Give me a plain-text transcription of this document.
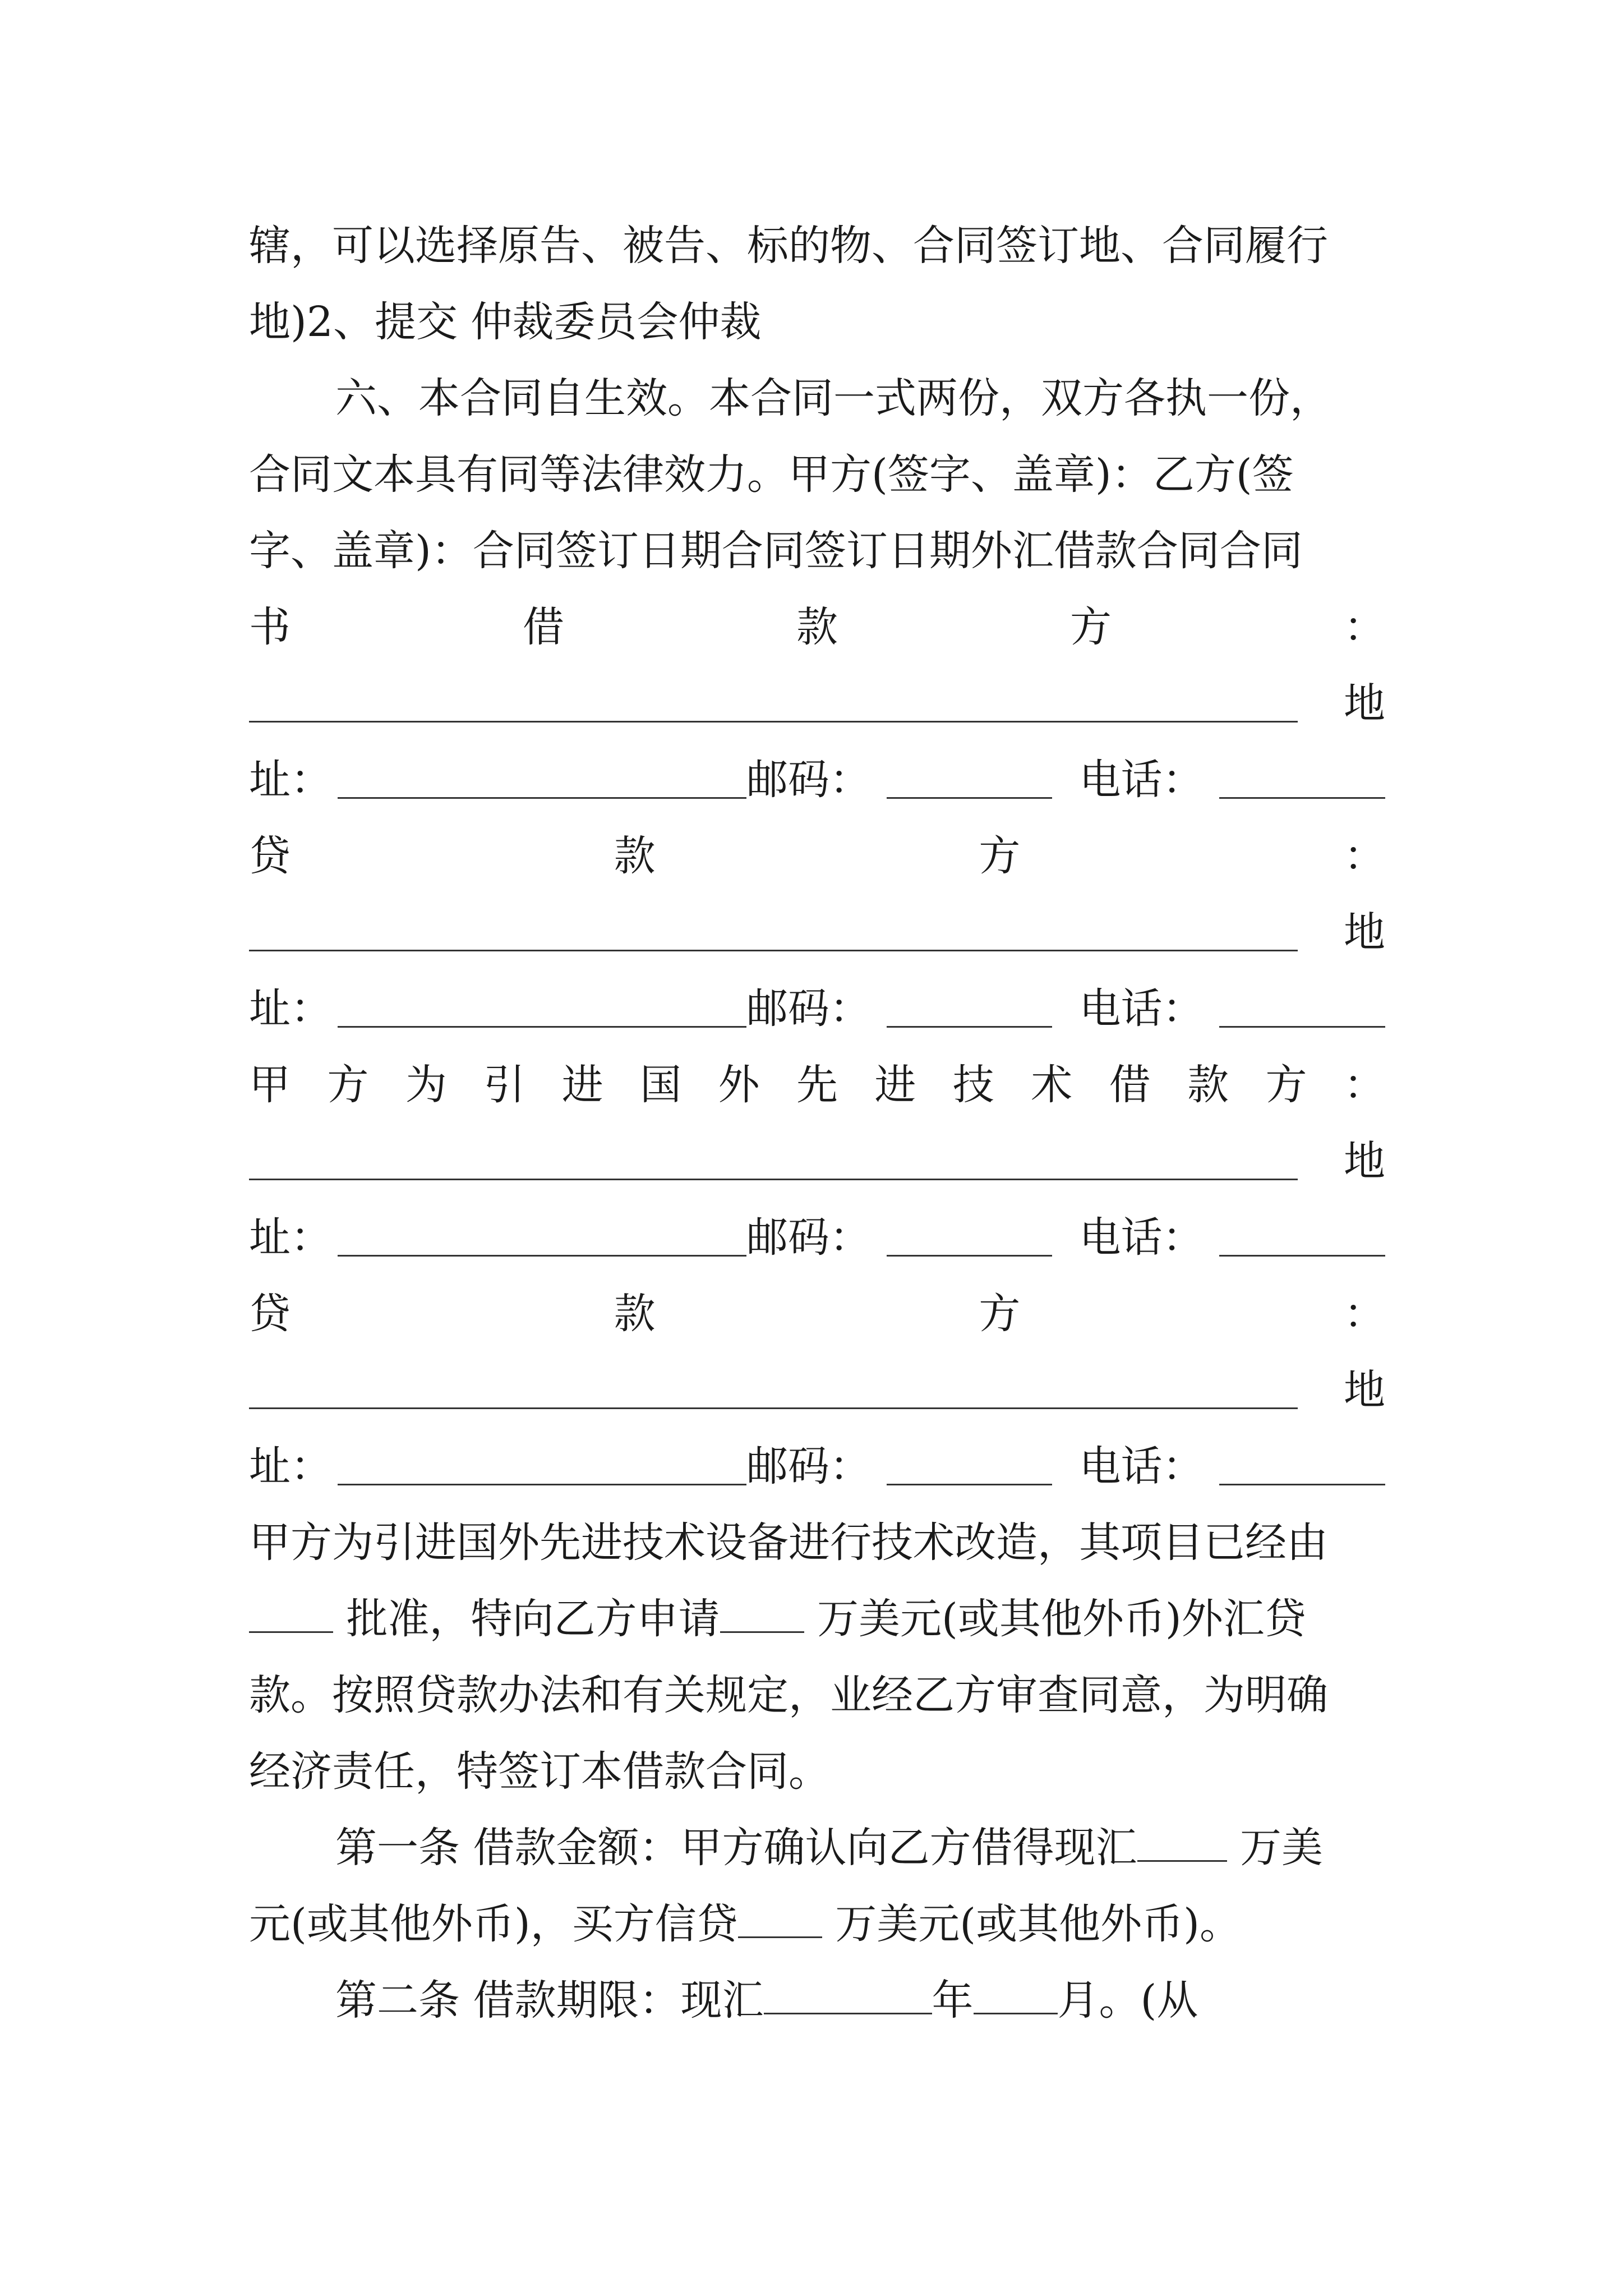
辖，可以选择原告、被告、标的物、合同签订地、合同履行
地)2、提交 仲裁委员会仲裁
六、本合同自生效。本合同一式两份，双方各执一份，
合同文本具有同等法律效力。甲方(签字、盖章)：乙方(签
字、盖章)：合同签订日期合同签订日期外汇借款合同合同
书	借	款	方	：
地
址：	邮码：	电话：
贷	款	方	：
地
址：	邮码：	电话：
甲 方 为 引 进 国 外 先 进 技 术 借 款 方 ：
地
址：	邮码：	电话：
贷	款	方	：
地
址：	邮码：	电话：
甲方为引进国外先进技术设备进行技术改造，其项目已经由
批准，特向乙方申请 万美元(或其他外币)外汇贷
款。按照贷款办法和有关规定，业经乙方审查同意，为明确
经济责任，特签订本借款合同。
第一条 借款金额：甲方确认向乙方借得现汇 万美
元(或其他外币)，买方信贷 万美元(或其他外币)。
第二条 借款期限：现汇	年 月。(从
